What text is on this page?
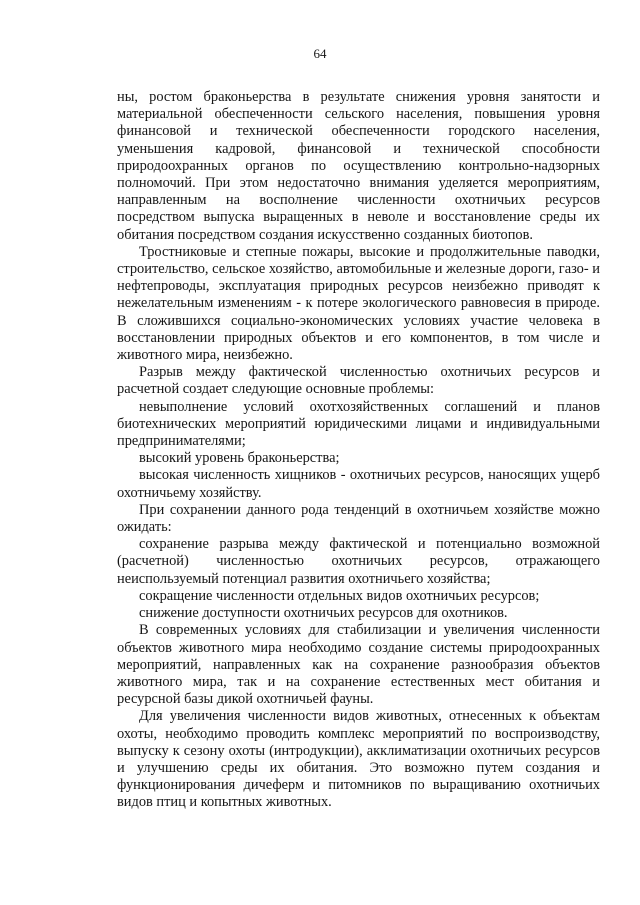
64

ны, ростом браконьерства в результате снижения уровня занятости и материальной обеспеченности сельского населения, повышения уровня финансовой и технической обеспеченности городского населения, уменьшения кадровой, финансовой и технической способности природоохранных органов по осуществлению контрольно-надзорных полномочий. При этом недостаточно внимания уделяется мероприятиям, направленным на восполнение численности охотничьих ресурсов посредством выпуска выращенных в неволе и восстановление среды их обитания посредством создания искусственно созданных биотопов.

Тростниковые и степные пожары, высокие и продолжительные паводки, строительство, сельское хозяйство, автомобильные и железные дороги, газо- и нефтепроводы, эксплуатация природных ресурсов неизбежно приводят к нежелательным изменениям - к потере экологического равновесия в природе. В сложившихся социально-экономических условиях участие человека в восстановлении природных объектов и его компонентов, в том числе и животного мира, неизбежно.

Разрыв между фактической численностью охотничьих ресурсов и расчетной создает следующие основные проблемы:

невыполнение условий охотхозяйственных соглашений и планов биотехнических мероприятий юридическими лицами и индивидуальными предпринимателями;

высокий уровень браконьерства;

высокая численность хищников - охотничьих ресурсов, наносящих ущерб охотничьему хозяйству.

При сохранении данного рода тенденций в охотничьем хозяйстве можно ожидать:

сохранение разрыва между фактической и потенциально возможной (расчетной) численностью охотничьих ресурсов, отражающего неиспользуемый потенциал развития охотничьего хозяйства;

сокращение численности отдельных видов охотничьих ресурсов;

снижение доступности охотничьих ресурсов для охотников.

В современных условиях для стабилизации и увеличения численности объектов животного мира необходимо создание системы природоохранных мероприятий, направленных как на сохранение разнообразия объектов животного мира, так и на сохранение естественных мест обитания и ресурсной базы дикой охотничьей фауны.

Для увеличения численности видов животных, отнесенных к объектам охоты, необходимо проводить комплекс мероприятий по воспроизводству, выпуску к сезону охоты (интродукции), акклиматизации охотничьих ресурсов и улучшению среды их обитания. Это возможно путем создания и функционирования дичеферм и питомников по выращиванию охотничьих видов птиц и копытных животных.
